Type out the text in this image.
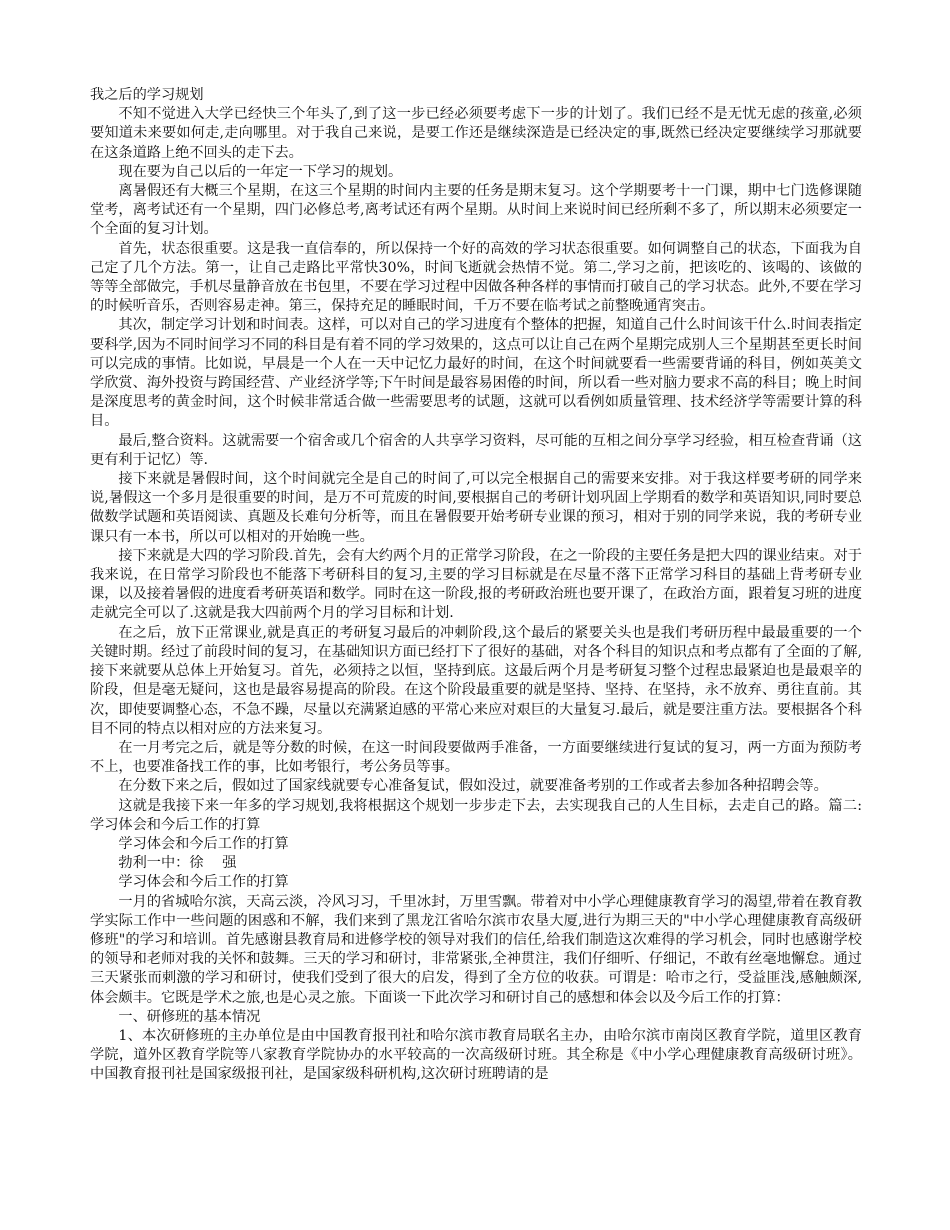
我之后的学习规划

不知不觉进入大学已经快三个年头了,到了这一步已经必须要考虑下一步的计划了。我们已经不是无忧无虑的孩童,必须要知道未来要如何走,走向哪里。对于我自己来说，是要工作还是继续深造是已经决定的事,既然已经决定要继续学习那就要在这条道路上绝不回头的走下去。

现在要为自己以后的一年定一下学习的规划。

离暑假还有大概三个星期，在这三个星期的时间内主要的任务是期末复习。这个学期要考十一门课，期中七门选修课随堂考，离考试还有一个星期，四门必修总考,离考试还有两个星期。从时间上来说时间已经所剩不多了，所以期末必须要定一个全面的复习计划。

首先，状态很重要。这是我一直信奉的，所以保持一个好的高效的学习状态很重要。如何调整自己的状态，下面我为自己定了几个方法。第一，让自己走路比平常快30%，时间飞逝就会热情不觉。第二,学习之前，把该吃的、该喝的、该做的等等全部做完，手机尽量静音放在书包里，不要在学习过程中因做各种各样的事情而打破自己的学习状态。此外,不要在学习的时候听音乐，否则容易走神。第三，保持充足的睡眠时间，千万不要在临考试之前整晚通宵突击。

其次，制定学习计划和时间表。这样，可以对自己的学习进度有个整体的把握，知道自己什么时间该干什么.时间表指定要科学,因为不同时间学习不同的科目是有着不同的学习效果的，这点可以让自己在两个星期完成别人三个星期甚至更长时间可以完成的事情。比如说，早晨是一个人在一天中记忆力最好的时间，在这个时间就要看一些需要背诵的科目，例如英美文学欣赏、海外投资与跨国经营、产业经济学等;下午时间是最容易困倦的时间，所以看一些对脑力要求不高的科目；晚上时间是深度思考的黄金时间，这个时候非常适合做一些需要思考的试题，这就可以看例如质量管理、技术经济学等需要计算的科目。

最后,整合资料。这就需要一个宿舍或几个宿舍的人共享学习资料，尽可能的互相之间分享学习经验，相互检查背诵（这更有利于记忆）等.

接下来就是暑假时间，这个时间就完全是自己的时间了,可以完全根据自己的需要来安排。对于我这样要考研的同学来说,暑假这一个多月是很重要的时间，是万不可荒废的时间,要根据自己的考研计划巩固上学期看的数学和英语知识,同时要总做数学试题和英语阅读、真题及长难句分析等，而且在暑假要开始考研专业课的预习，相对于别的同学来说，我的考研专业课只有一本书，所以可以相对的开始晚一些。

接下来就是大四的学习阶段.首先，会有大约两个月的正常学习阶段，在之一阶段的主要任务是把大四的课业结束。对于我来说，在日常学习阶段也不能落下考研科目的复习,主要的学习目标就是在尽量不落下正常学习科目的基础上背考研专业课，以及接着暑假的进度看考研英语和数学。同时在这一阶段,报的考研政治班也要开课了，在政治方面，跟着复习班的进度走就完全可以了.这就是我大四前两个月的学习目标和计划.

在之后，放下正常课业,就是真正的考研复习最后的冲刺阶段,这个最后的紧要关头也是我们考研历程中最最重要的一个关键时期。经过了前段时间的复习，在基础知识方面已经打下了很好的基础，对各个科目的知识点和考点都有了全面的了解,接下来就要从总体上开始复习。首先，必须持之以恒，坚持到底。这最后两个月是考研复习整个过程忠最紧迫也是最艰辛的阶段，但是毫无疑问，这也是最容易提高的阶段。在这个阶段最重要的就是坚持、坚持、在坚持，永不放弃、勇往直前。其次，即使要调整心态，不急不躁，尽量以充满紧迫感的平常心来应对艰巨的大量复习.最后，就是要注重方法。要根据各个科目不同的特点以相对应的方法来复习。

在一月考完之后，就是等分数的时候，在这一时间段要做两手准备，一方面要继续进行复试的复习，两一方面为预防考不上，也要准备找工作的事，比如考银行，考公务员等事。

在分数下来之后，假如过了国家线就要专心准备复试，假如没过，就要准备考别的工作或者去参加各种招聘会等。

这就是我接下来一年多的学习规划,我将根据这个规划一步步走下去，去实现我自己的人生目标，去走自己的路。篇二:学习体会和今后工作的打算

学习体会和今后工作的打算

勃利一中：徐　 强

学习体会和今后工作的打算

一月的省城哈尔滨，天高云淡，冷风习习，千里冰封，万里雪飘。带着对中小学心理健康教育学习的渴望,带着在教育教学实际工作中一些问题的困惑和不解，我们来到了黑龙江省哈尔滨市农垦大厦,进行为期三天的"中小学心理健康教育高级研修班"的学习和培训。首先感谢县教育局和进修学校的领导对我们的信任,给我们制造这次难得的学习机会，同时也感谢学校的领导和老师对我的关怀和鼓舞。三天的学习和研讨，非常紧张,全神贯注，我们仔细听、仔细记，不敢有丝毫地懈怠。通过三天紧张而刺激的学习和研讨，使我们受到了很大的启发，得到了全方位的收获。可谓是：哈市之行，受益匪浅,感触颇深,体会颇丰。它既是学术之旅,也是心灵之旅。下面谈一下此次学习和研讨自己的感想和体会以及今后工作的打算：

一、研修班的基本情况

1、本次研修班的主办单位是由中国教育报刊社和哈尔滨市教育局联名主办，由哈尔滨市南岗区教育学院，道里区教育学院，道外区教育学院等八家教育学院协办的水平较高的一次高级研讨班。其全称是《中小学心理健康教育高级研讨班》。中国教育报刊社是国家级报刊社，是国家级科研机构,这次研讨班聘请的是
